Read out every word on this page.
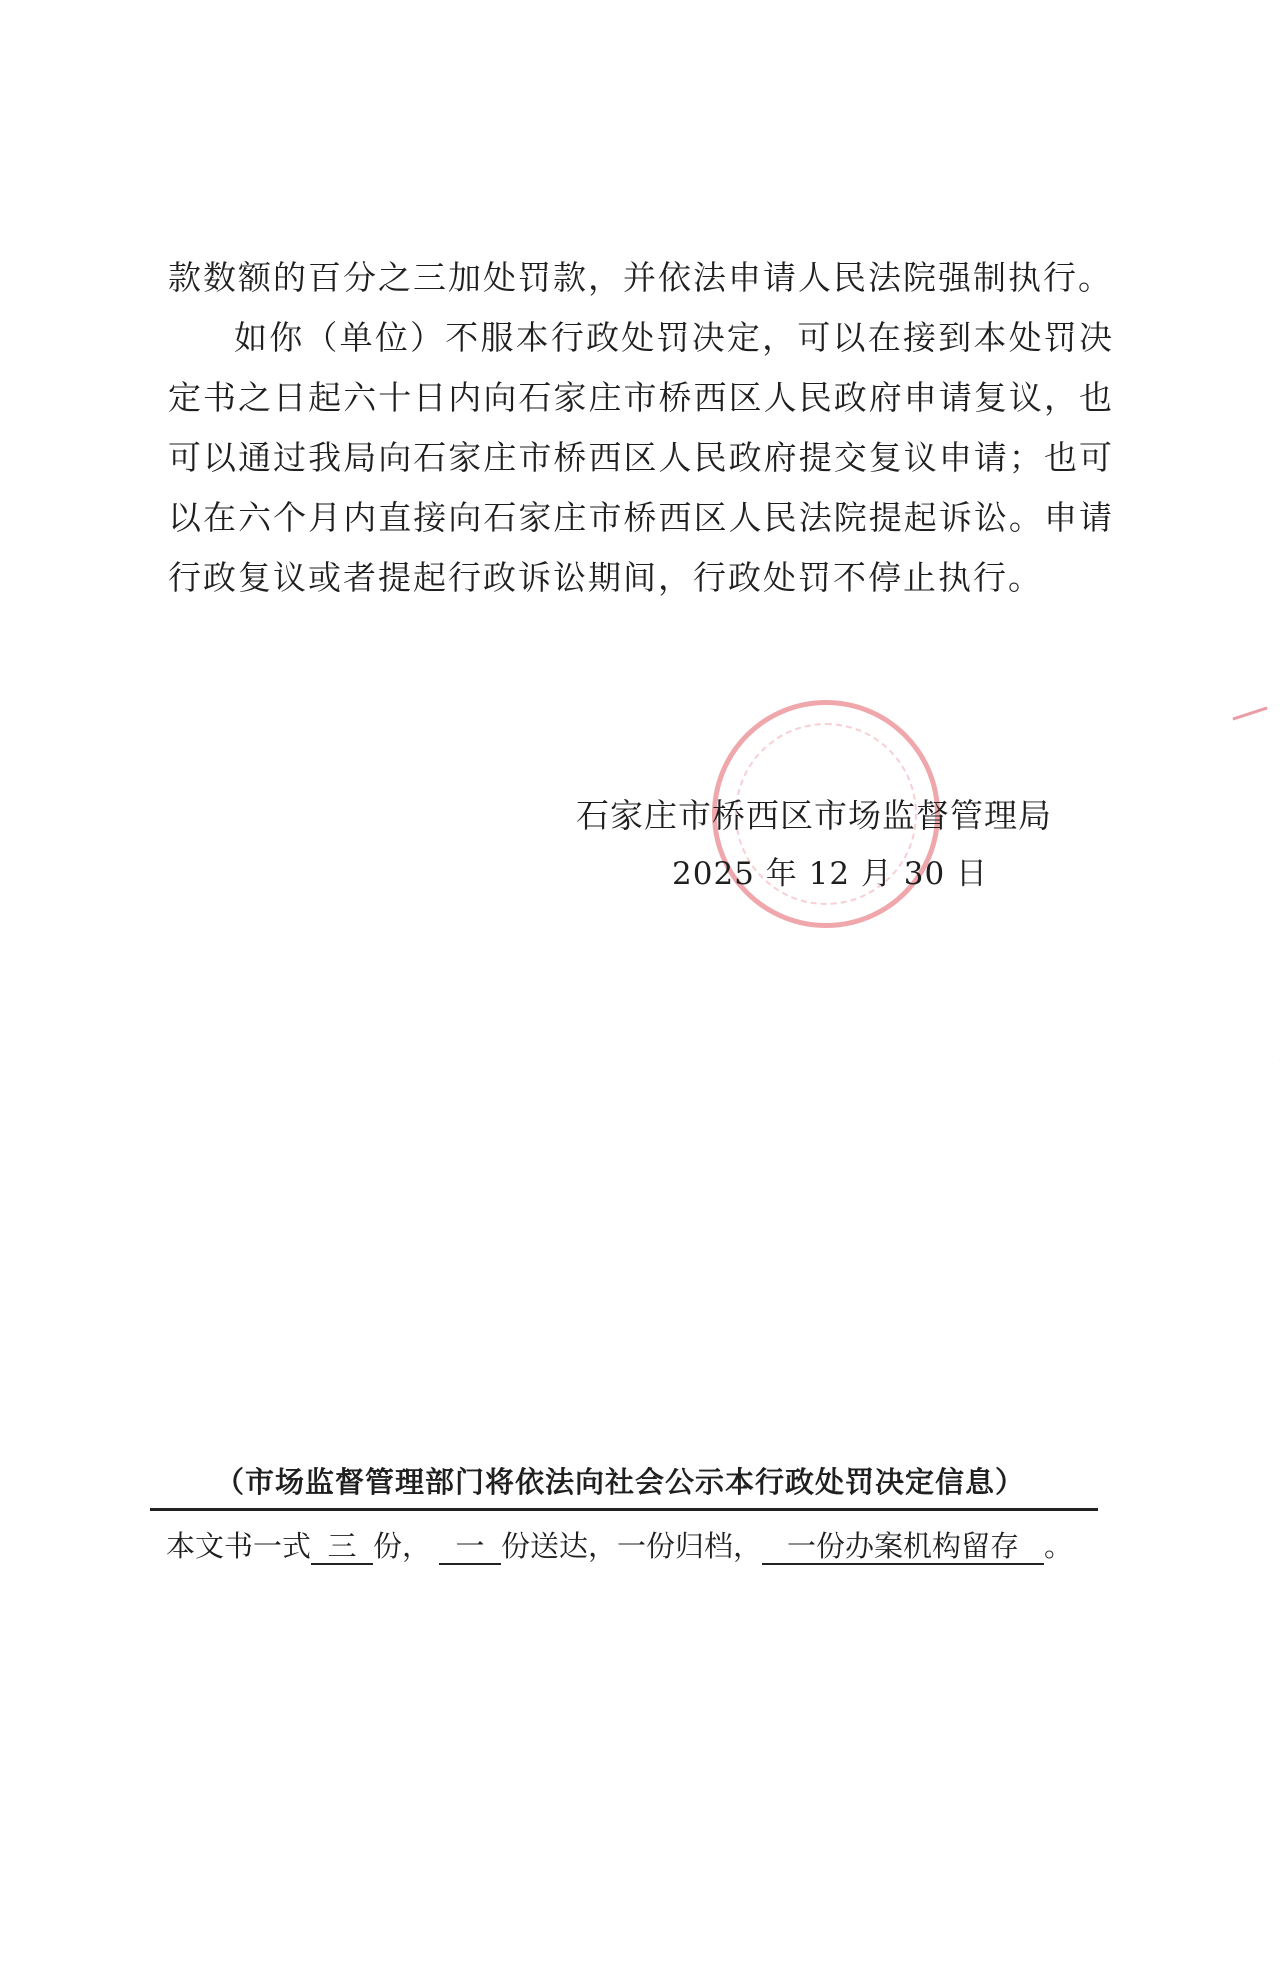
款数额的百分之三加处罚款，并依法申请人民法院强制执行。

如你（单位）不服本行政处罚决定，可以在接到本处罚决定书之日起六十日内向石家庄市桥西区人民政府申请复议，也可以通过我局向石家庄市桥西区人民政府提交复议申请；也可以在六个月内直接向石家庄市桥西区人民法院提起诉讼。申请行政复议或者提起行政诉讼期间，行政处罚不停止执行。

石家庄市桥西区市场监督管理局
2025 年 12 月 30 日
（市场监督管理部门将依法向社会公示本行政处罚决定信息）
本文书一式 三 份， 一 份送达，一份归档， 一份办案机构留存 。
